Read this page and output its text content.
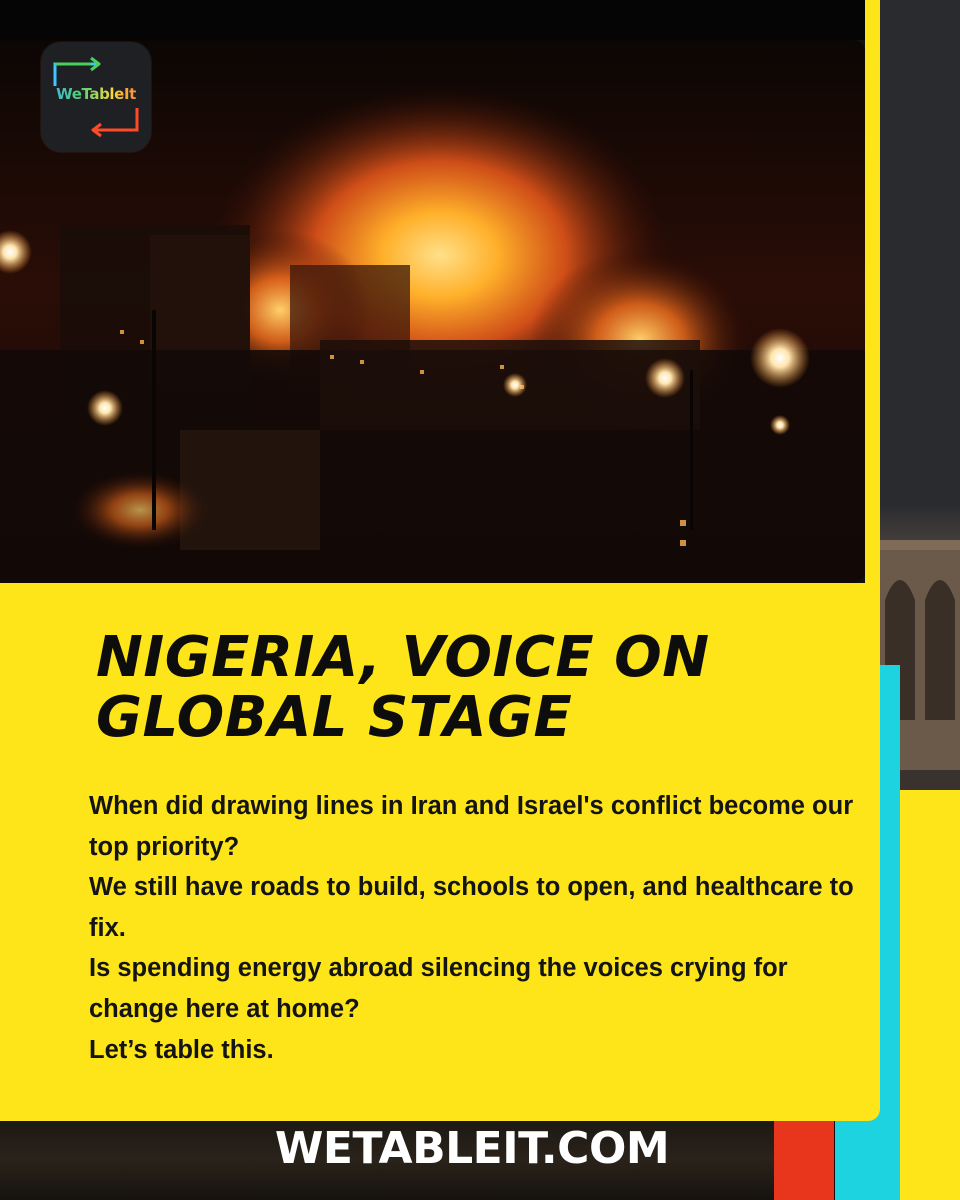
WeTableIt
NIGERIA, VOICE ON
GLOBAL STAGE

When did drawing lines in Iran and Israel's conflict become our top priority?

We still have roads to build, schools to open, and healthcare to fix.

Is spending energy abroad silencing the voices crying for change here at home?

Let’s table this.

WETABLEIT.COM
